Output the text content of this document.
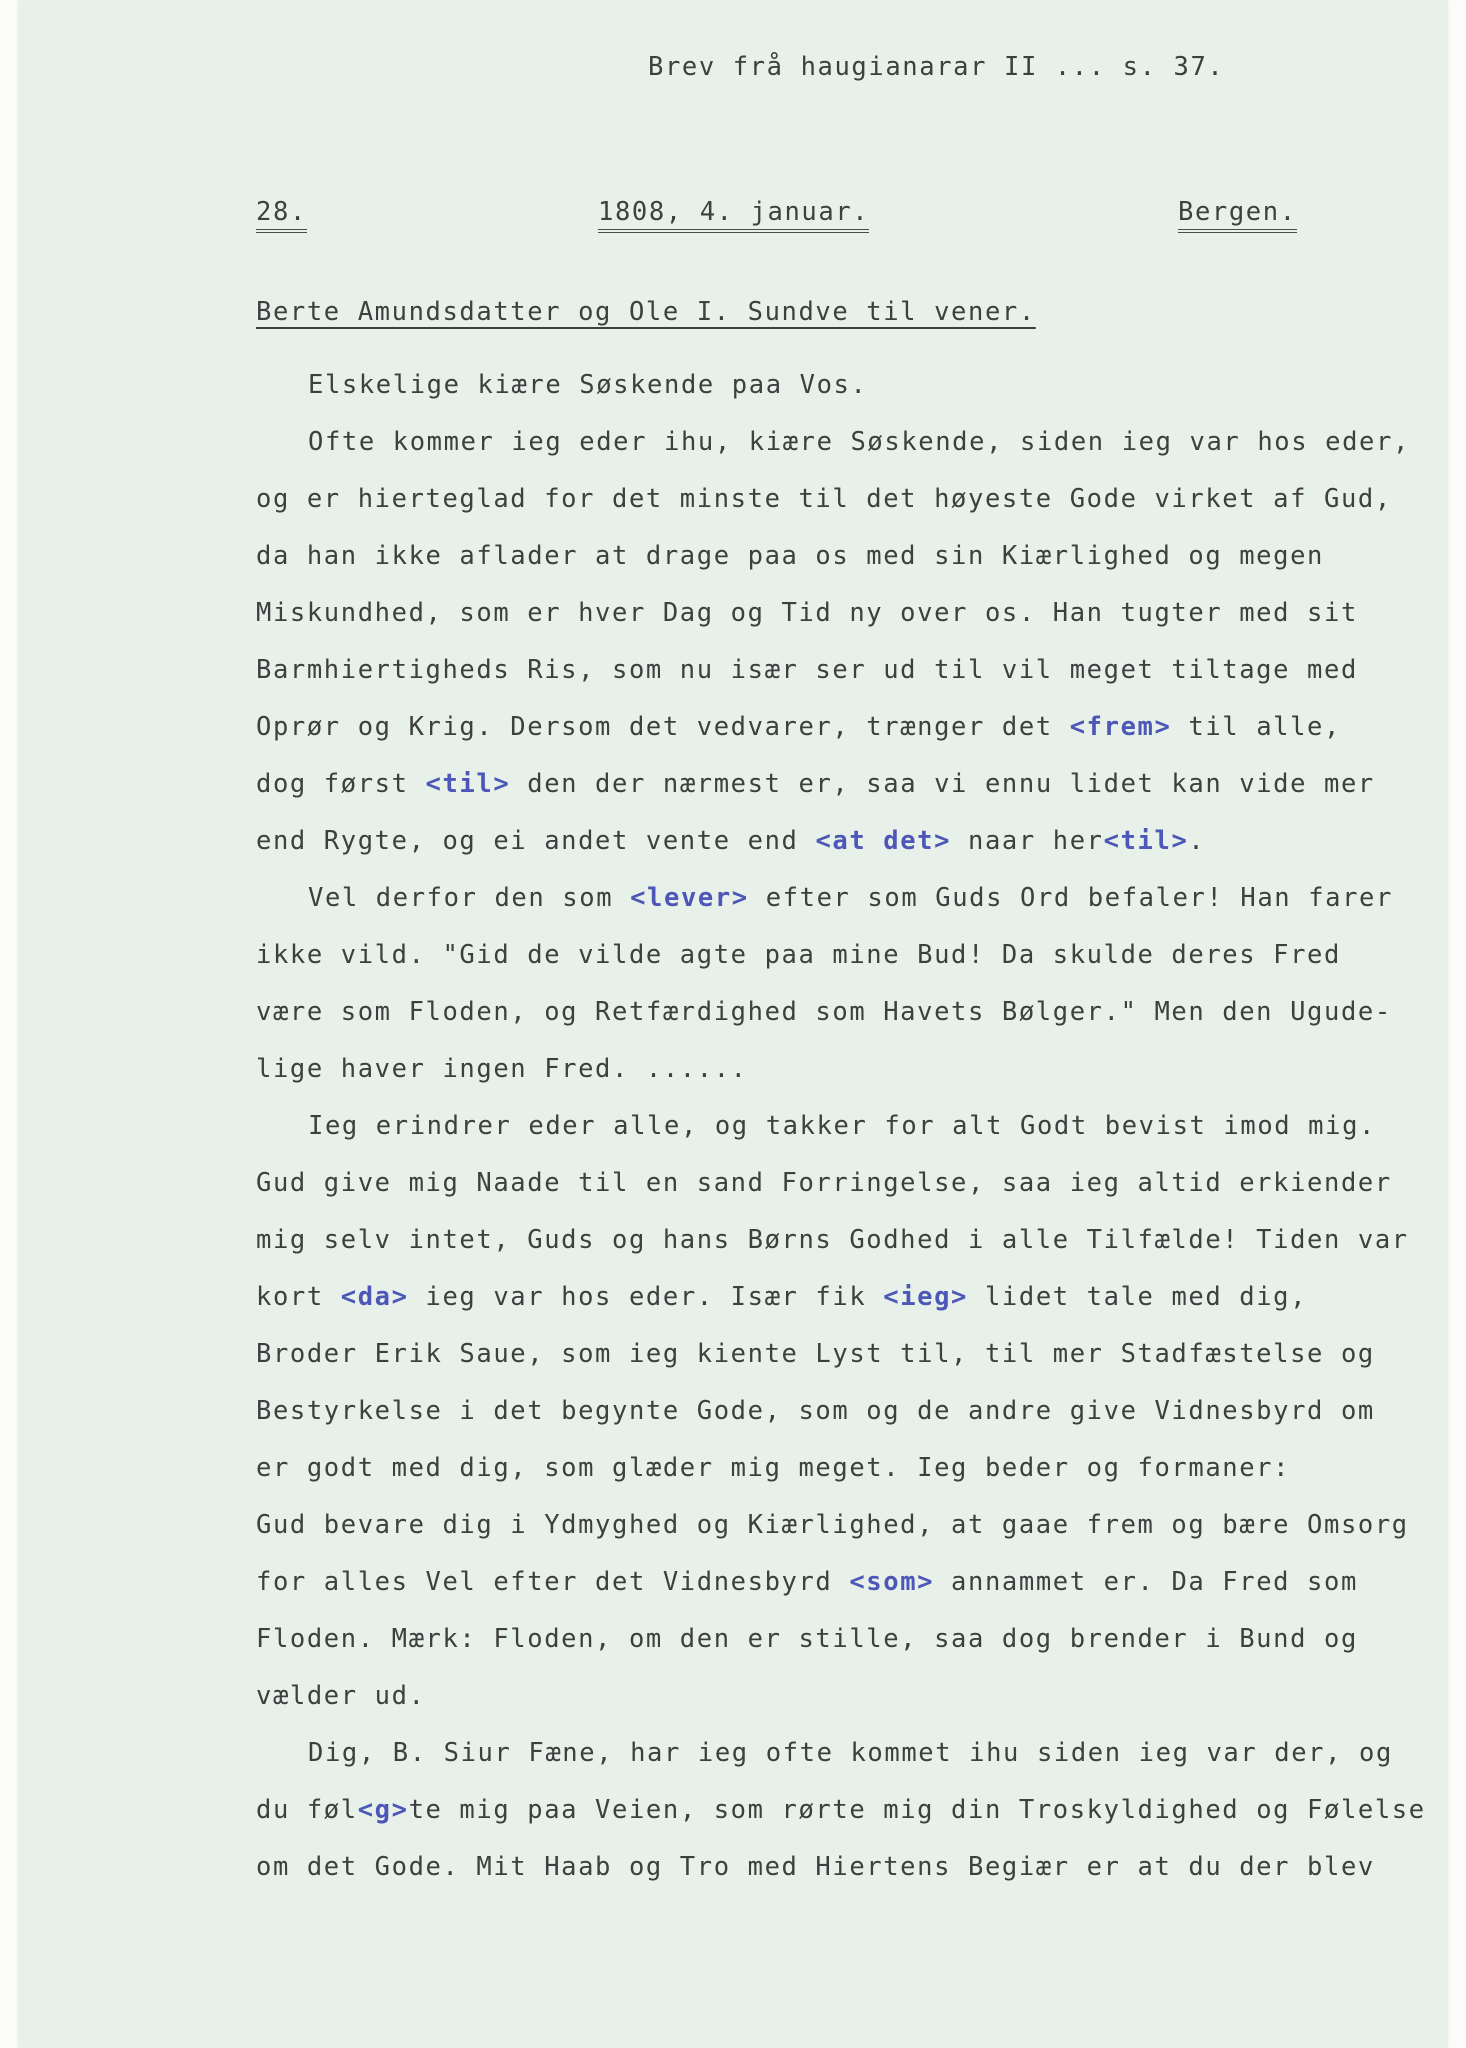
Brev frå haugianarar II ... s. 37.
28.	1808, 4. januar.	Bergen.
Berte Amundsdatter og Ole I. Sundve til vener.
Elskelige kiære Søskende paa Vos.
Ofte kommer ieg eder ihu, kiære Søskende, siden ieg var hos eder,
og er hierteglad for det minste til det høyeste Gode virket af Gud,
da han ikke aflader at drage paa os med sin Kiærlighed og megen
Miskundhed, som er hver Dag og Tid ny over os. Han tugter med sit
Barmhiertigheds Ris, som nu især ser ud til vil meget tiltage med
Oprør og Krig. Dersom det vedvarer, trænger det <frem> til alle,
dog først <til> den der nærmest er, saa vi ennu lidet kan vide mer
end Rygte, og ei andet vente end <at det> naar her<til>.
Vel derfor den som <lever> efter som Guds Ord befaler! Han farer
ikke vild. "Gid de vilde agte paa mine Bud! Da skulde deres Fred
være som Floden, og Retfærdighed som Havets Bølger." Men den Ugude-
lige haver ingen Fred. ......
Ieg erindrer eder alle, og takker for alt Godt bevist imod mig.
Gud give mig Naade til en sand Forringelse, saa ieg altid erkiender
mig selv intet, Guds og hans Børns Godhed i alle Tilfælde! Tiden var
kort <da> ieg var hos eder. Især fik <ieg> lidet tale med dig,
Broder Erik Saue, som ieg kiente Lyst til, til mer Stadfæstelse og
Bestyrkelse i det begynte Gode, som og de andre give Vidnesbyrd om
er godt med dig, som glæder mig meget. Ieg beder og formaner:
Gud bevare dig i Ydmyghed og Kiærlighed, at gaae frem og bære Omsorg
for alles Vel efter det Vidnesbyrd <som> annammet er. Da Fred som
Floden. Mærk: Floden, om den er stille, saa dog brender i Bund og
vælder ud.
Dig, B. Siur Fæne, har ieg ofte kommet ihu siden ieg var der, og
du føl<g>te mig paa Veien, som rørte mig din Troskyldighed og Følelse
om det Gode. Mit Haab og Tro med Hiertens Begiær er at du der blev
